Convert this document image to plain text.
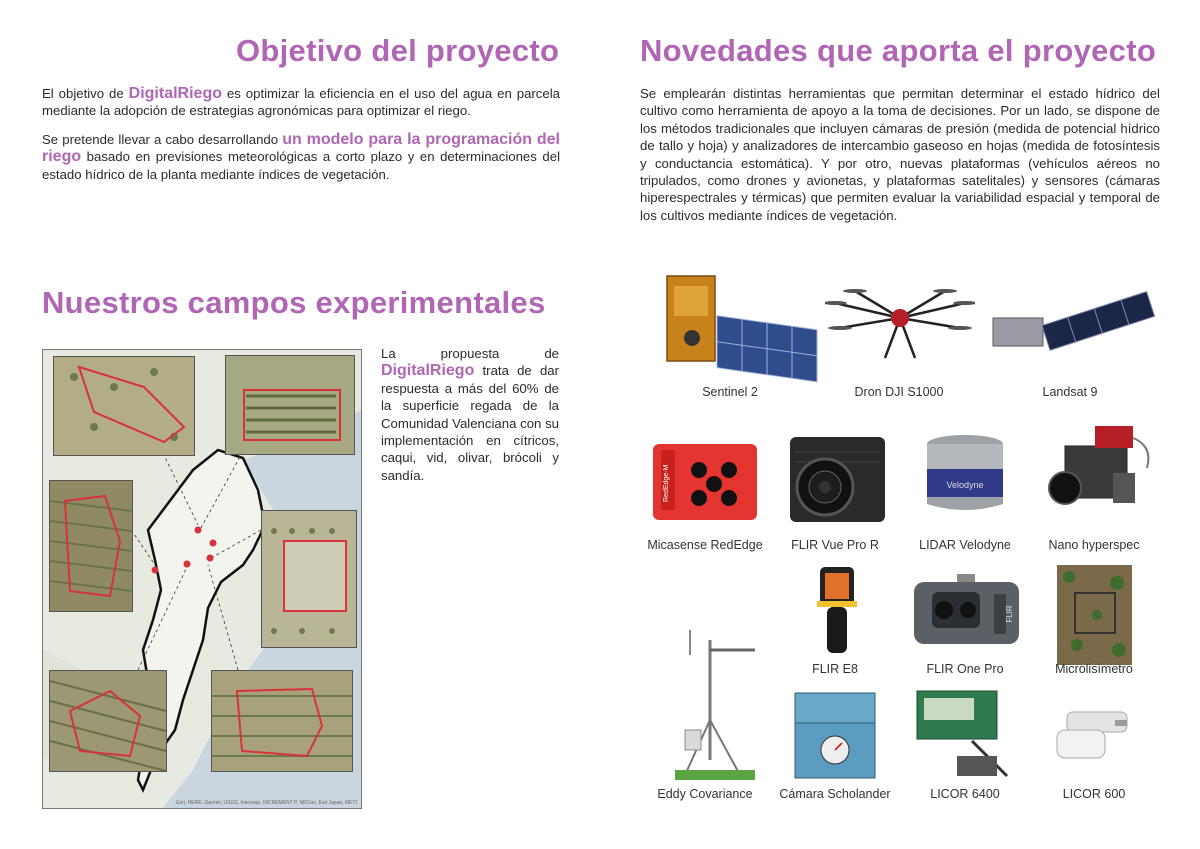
Objetivo del proyecto

El objetivo de DigitalRiego es optimizar la eficiencia en el uso del agua en parcela mediante la adopción de estrategias agronómicas para optimizar el riego.

Se pretende llevar a cabo desarrollando un modelo para la programación del riego basado en previsiones meteorológicas a corto plazo y en determinaciones del estado hídrico de la planta mediante índices de vegetación.

Nuestros campos experimentales
Esri, HERE, Garmin, USGS, Intermap, INCREMENT P, NRCan, Esri Japan, METI

La propuesta de DigitalRiego trata de dar respuesta a más del 60% de la superficie regada de la Comunidad Valenciana con su implementación en cítricos, caqui, vid, olivar, brócoli y sandía.

Novedades que aporta el proyecto

Se emplearán distintas herramientas que permitan determinar el estado hídrico del cultivo como herramienta de apoyo a la toma de decisiones. Por un lado, se dispone de los métodos tradicionales que incluyen cámaras de presión (medida de potencial hídrico de tallo y hoja) y analizadores de intercambio gaseoso en hojas (medida de fotosíntesis y conductancia estomática). Y por otro, nuevas plataformas (vehículos aéreos no tripulados, como drones y avionetas, y plataformas satelitales) y sensores (cámaras hiperespectrales y térmicas) que permiten evaluar la variabilidad espacial y temporal de los cultivos mediante índices de vegetación.

Sentinel 2	Dron DJI S1000	Landsat 9
RedEdge-M
Micasense RedEdge	FLIR Vue Pro R
Velodyne
LIDAR Velodyne	Nano hyperspec
FLIR E8
FLIR
FLIR One Pro	Microlisímetro
Eddy Covariance	Cámara Scholander	LICOR 6400	LICOR 600
